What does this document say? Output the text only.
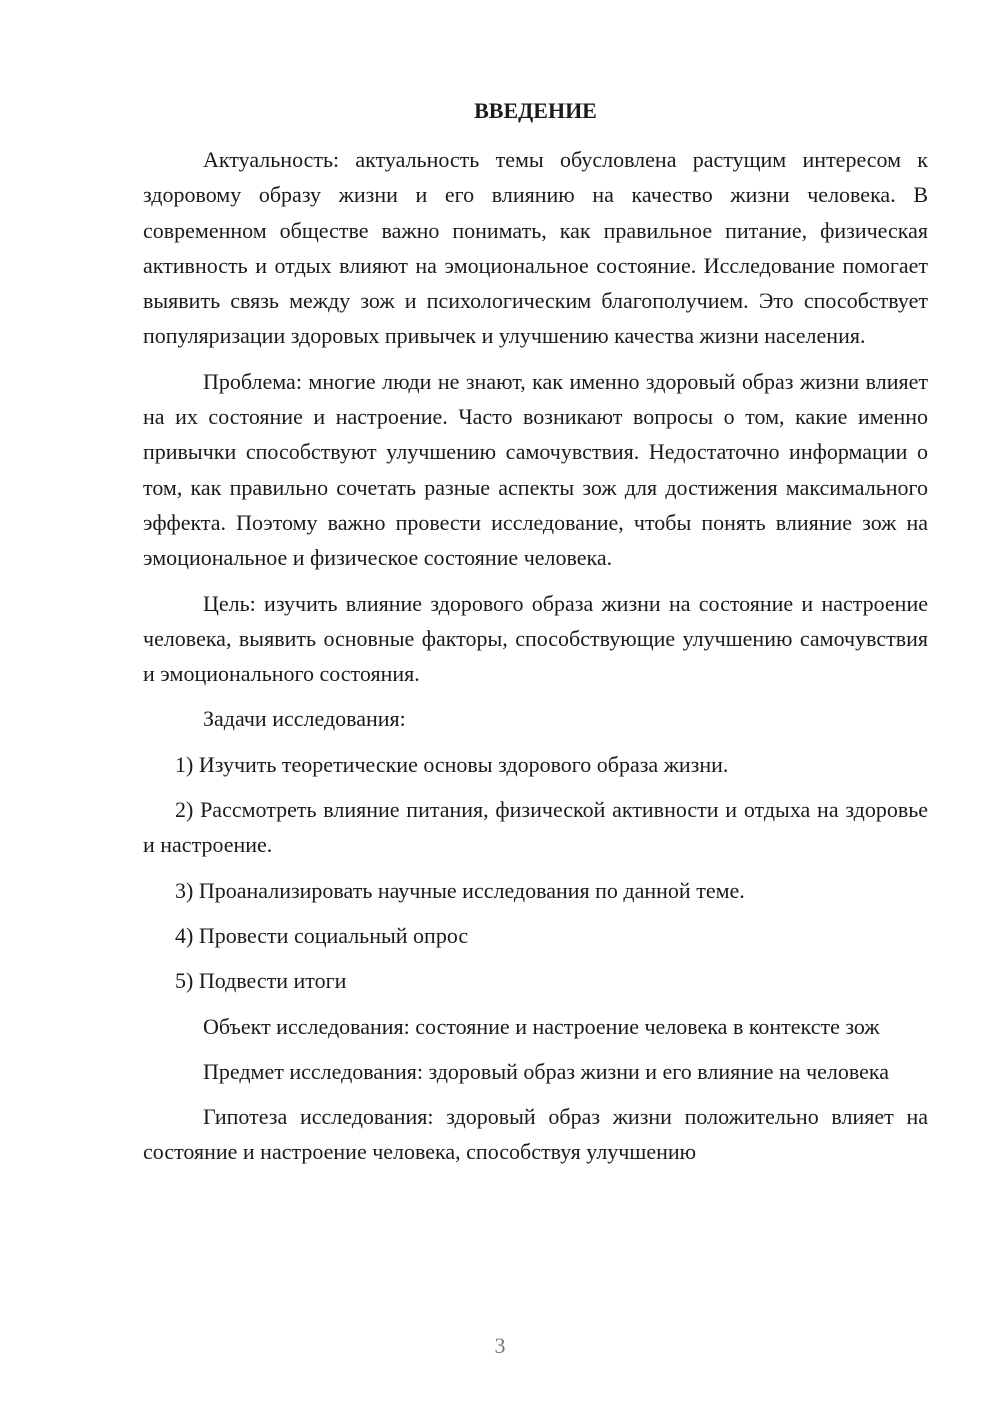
ВВЕДЕНИЕ

Актуальность: актуальность темы обусловлена растущим интересом к здоровому образу жизни и его влиянию на качество жизни человека. В современном обществе важно понимать, как правильное питание, физическая активность и отдых влияют на эмоциональное состояние. Исследование помогает выявить связь между зож и психологическим благополучием. Это способствует популяризации здоровых привычек и улучшению качества жизни населения.

Проблема: многие люди не знают, как именно здоровый образ жизни влияет на их состояние и настроение. Часто возникают вопросы о том, какие именно привычки способствуют улучшению самочувствия. Недостаточно информации о том, как правильно сочетать разные аспекты зож для достижения максимального эффекта. Поэтому важно провести исследование, чтобы понять влияние зож на эмоциональное и физическое состояние человека.

Цель: изучить влияние здорового образа жизни на состояние и настроение человека, выявить основные факторы, способствующие улучшению самочувствия и эмоционального состояния.

Задачи исследования:

1) Изучить теоретические основы здорового образа жизни.

2) Рассмотреть влияние питания, физической активности и отдыха на здоровье и настроение.

3) Проанализировать научные исследования по данной теме.

4) Провести социальный опрос

5) Подвести итоги

Объект исследования: состояние и настроение человека в контексте зож

Предмет исследования: здоровый образ жизни и его влияние на человека

Гипотеза исследования: здоровый образ жизни положительно влияет на состояние и настроение человека, способствуя улучшению

3
